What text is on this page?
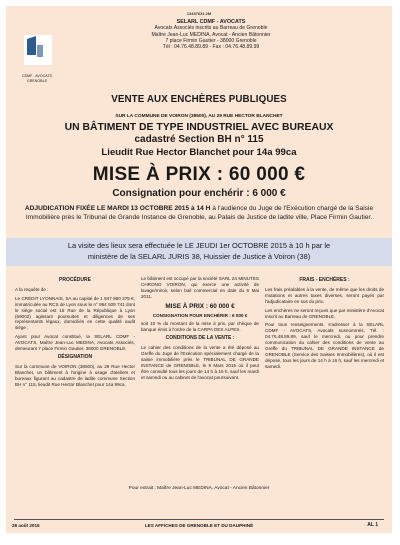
13437631.2M
CDMF - AVOCATS
GRENOBLE
SELARL CDMF - AVOCATS
Avocats Associés inscrits au Barreau de Grenoble
Maître Jean-Luc MEDINA, Avocat - Ancien Bâtonnier
7 place Firmin Gautier - 38000 Grenoble
Tél : 04.76.48.89.89 - Fax : 04.76.48.89.99
VENTE AUX ENCHÈRES PUBLIQUES
SUR LA COMMUNE DE VOIRON (38500), AU 29 RUE HECTOR BLANCHET
UN BÂTIMENT DE TYPE INDUSTRIEL AVEC BUREAUX
cadastré Section BH n° 115
Lieudit Rue Hector Blanchet pour 14a 99ca
MISE À PRIX : 60 000 €
Consignation pour enchérir : 6 000 €
ADJUDICATION FIXÉE LE MARDI 13 OCTOBRE 2015 à 14 H à l'audience du Juge de l'Exécution chargé de la Saisie Immobilière près le Tribunal de Grande Instance de Grenoble, au Palais de Justice de ladite ville, Place Firmin Gautier.
La visite des lieux sera effectuée le LE JEUDI 1er OCTOBRE 2015 à 10 h par le
ministère de la SELARL JURIS 38, Huissier de Justice à Voiron (38)
PROCÉDURE

A la requête de :

Le CRÉDIT LYONNAIS, SA au capital de 1 847 860 375 €, immatriculée au RCS de Lyon sous le n° 954 509 741 dont le siège social est 18 Rue de la République à Lyon (69002) agissant poursuites et diligences de ses représentants légaux, domiciliés en cette qualité audit siège ;

Ayant pour Avocat constitué, la SELARL CDMF - AVOCATS, Maître Jean-Luc MEDINA, Avocats Associés, demeurant 7 place Firmin Gautier, 38000 GRENOBLE.

DÉSIGNATION

Sur la commune de VOIRON (38500), au 29 Rue Hector Blanchet, un bâtiment à l'origine à usage d'ateliers et bureaux figurant au cadastre de ladite commune Section BH n° 115, lieudit Rue Hector Blanchet pour 14a 99ca.

Le bâtiment est occupé par la société SARL 24 MINUTES CHRONO VOIRON, qui exerce une activité de lavage/miroir, selon bail commercial en date du 6 Mai 2011.

MISE À PRIX : 60 000 €

CONSIGNATION POUR ENCHÉRIR : 6 000 €

soit 10 % du montant de la mise à prix, par chèque de banque émis à l'ordre de la CARPA DES ALPES.

CONDITIONS DE LA VENTE :

Le cahier des conditions de la vente a été déposé au Greffe du Juge de l'Exécution spécialement chargé de la saisie immobilière près le TRIBUNAL DE GRANDE INSTANCE de GRENOBLE, le 9 Mars 2015 où il peut être consulté tous les jours de 14 h à 16 h, sauf les mardi et samedi ou au cabinet de l'avocat poursuivant.

FRAIS - ENCHÈRES :

Les frais préalables à la vente, de même que les droits de mutations et autres taxes diverses, seront payés par l'adjudicataire en sus du prix.

Les enchères ne seront reçues que par ministère d'Avocat inscrit au Barreau de GRENOBLE.

Pour tous renseignements, s'adresser à la SELARL CDMF - AVOCATS, Avocats susnommés, Tél. : 04.76.48.89.89, sauf le mercredi, ou pour prendre communication du cahier des conditions de vente au Greffe du TRIBUNAL DE GRANDE INSTANCE de GRENOBLE (Service des Saisies Immobilières), où il est déposé, tous les jours de 14 h à 16 h, sauf les mercredi et samedi.

Pour extrait : Maître Jean-Luc MEDINA, Avocat - Ancien Bâtonnier
28 août 2015	LES AFFICHES DE GRENOBLE ET DU DAUPHINÉ	AL 1
